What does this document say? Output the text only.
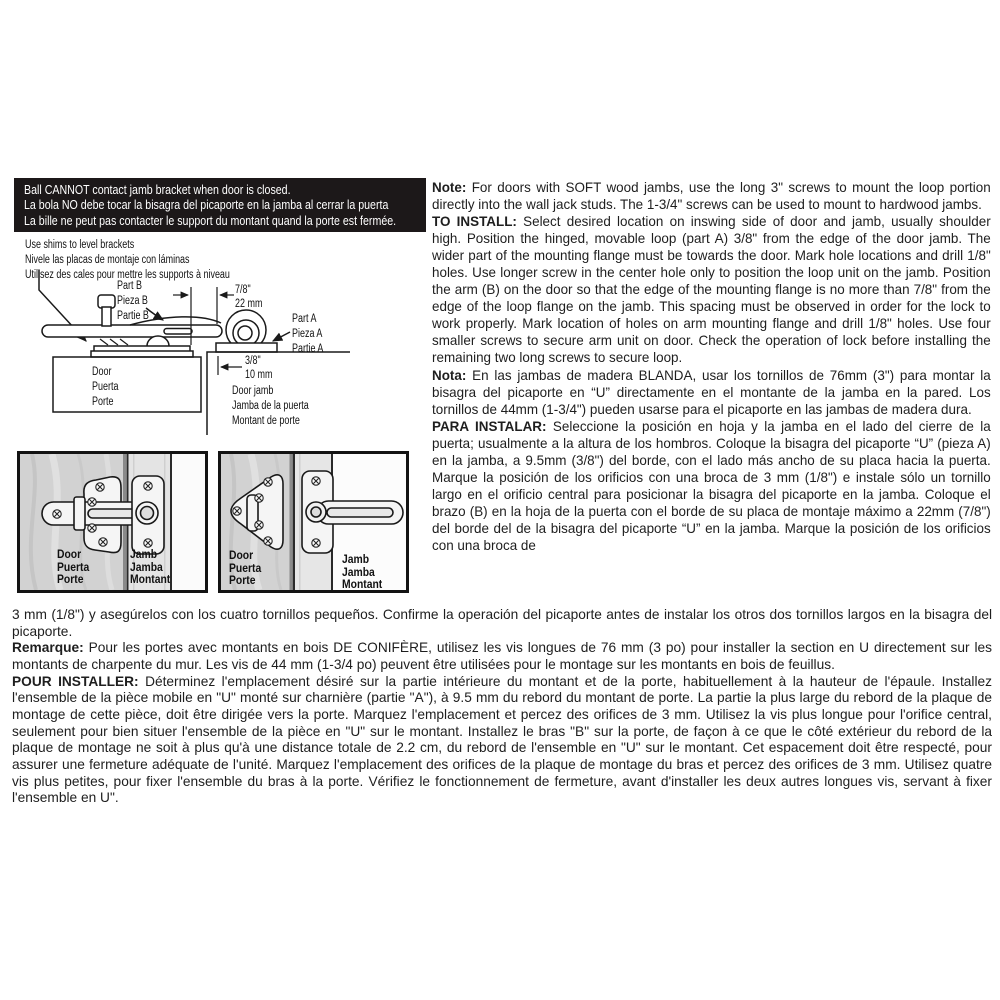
Ball CANNOT contact jamb bracket when door is closed.
La bola NO debe tocar la bisagra del picaporte en la jamba al cerrar la puerta
La bille ne peut pas contacter le support du montant quand la porte est fermée.
Use shims to level brackets
Nivele las placas de montaje con láminas
Utilisez des cales pour mettre les supports à niveau
Part B
Pieza B
Partie B
7/8"
22 mm
Part A
Pieza A
Partie A
3/8"
10 mm
Door
Puerta
Porte
Door jamb
Jamba de la puerta
Montant de porte
Door
Puerta
Porte
Jamb
Jamba
Montant
Door
Puerta
Porte
Jamb
Jamba
Montant

Note: For doors with SOFT wood jambs, use the long 3" screws to mount the loop portion directly into the wall jack studs. The 1-3/4" screws can be used to mount to hardwood jambs.

TO INSTALL: Select desired location on inswing side of door and jamb, usually shoulder high. Position the hinged, movable loop (part A) 3/8" from the edge of the door jamb. The wider part of the mounting flange must be towards the door. Mark hole locations and drill 1/8" holes. Use longer screw in the center hole only to position the loop unit on the jamb. Position the arm (B) on the door so that the edge of the mounting flange is no more than 7/8" from the edge of the loop flange on the jamb. This spacing must be observed in order for the lock to work properly. Mark location of holes on arm mounting flange and drill 1/8" holes. Use four smaller screws to secure arm unit on door. Check the operation of lock before installing the remaining two long screws to secure loop.

Nota: En las jambas de madera BLANDA, usar los tornillos de 76mm (3") para montar la bisagra del picaporte en “U” directamente en el montante de la jamba en la pared. Los tornillos de 44mm (1-3/4") pueden usarse para el picaporte en las jambas de madera dura.

PARA INSTALAR: Seleccione la posición en hoja y la jamba en el lado del cierre de la puerta; usualmente a la altura de los hombros. Coloque la bisagra del picaporte “U” (pieza A) en la jamba, a 9.5mm (3/8") del borde, con el lado más ancho de su placa hacia la puerta. Marque la posición de los orificios con una broca de 3 mm (1/8") e instale sólo un tornillo largo en el orificio central para posicionar la bisagra del picaporte en la jamba. Coloque el brazo (B) en la hoja de la puerta con el borde de su placa de montaje máximo a 22mm (7/8") del borde del de la bisagra del picaporte “U” en la jamba. Marque la posición de los orificios con una broca de

3 mm (1/8") y asegúrelos con los cuatro tornillos pequeños. Confirme la operación del picaporte antes de instalar los otros dos tornillos largos en la bisagra del picaporte.

Remarque: Pour les portes avec montants en bois DE CONIFÈRE, utilisez les vis longues de 76 mm (3 po) pour installer la section en U directement sur les montants de charpente du mur. Les vis de 44 mm (1-3/4 po) peuvent être utilisées pour le montage sur les montants en bois de feuillus.

POUR INSTALLER: Déterminez l'emplacement désiré sur la partie intérieure du montant et de la porte, habituellement à la hauteur de l'épaule. Installez l'ensemble de la pièce mobile en "U" monté sur charnière (partie "A"), à 9.5 mm du rebord du montant de porte. La partie la plus large du rebord de la plaque de montage de cette pièce, doit être dirigée vers la porte. Marquez l'emplacement et percez des orifices de 3 mm. Utilisez la vis plus longue pour l'orifice central, seulement pour bien situer l'ensemble de la pièce en "U" sur le montant. Installez le bras "B" sur la porte, de façon à ce que le côté extérieur du rebord de la plaque de montage ne soit à plus qu'à une distance totale de 2.2 cm, du rebord de l'ensemble en "U" sur le montant. Cet espacement doit être respecté, pour assurer une fermeture adéquate de l'unité. Marquez l'emplacement des orifices de la plaque de montage du bras et percez des orifices de 3 mm. Utilisez quatre vis plus petites, pour fixer l'ensemble du bras à la porte. Vérifiez le fonctionnement de fermeture, avant d'installer les deux autres longues vis, servant à fixer l'ensemble en U".
